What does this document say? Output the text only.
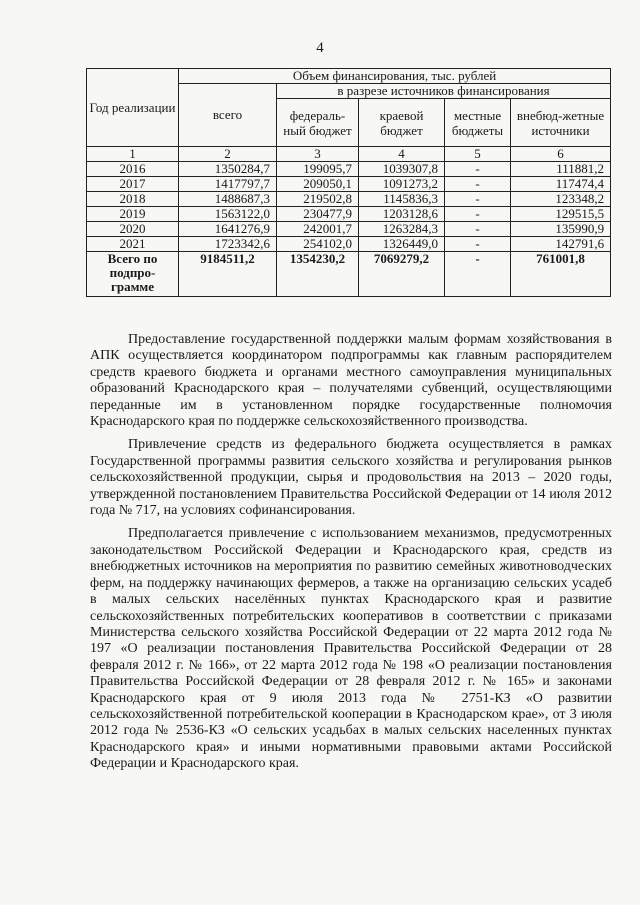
4
Год реализации	Объем финансирования, тыс. рублей				
	всего	в разрезе источников финансирования			
		федераль-ный бюджет	краевой бюджет	местные бюджеты	внебюд-жетные источники
1	2	3	4	5	6
2016	1350284,7	199095,7	1039307,8	-	111881,2
2017	1417797,7	209050,1	1091273,2	-	117474,4
2018	1488687,3	219502,8	1145836,3	-	123348,2
2019	1563122,0	230477,9	1203128,6	-	129515,5
2020	1641276,9	242001,7	1263284,3	-	135990,9
2021	1723342,6	254102,0	1326449,0	-	142791,6
Всего по подпро-грамме	9184511,2	1354230,2	7069279,2	-	761001,8

Предоставление государственной поддержки малым формам хозяйствования в АПК осуществляется координатором подпрограммы как главным распорядителем средств краевого бюджета и органами местного самоуправления муниципальных образований Краснодарского края – получателями субвенций, осуществляющими переданные им в установленном порядке государственные полномочия Краснодарского края по поддержке сельскохозяйственного производства.

Привлечение средств из федерального бюджета осуществляется в рамках Государственной программы развития сельского хозяйства и регулирования рынков сельскохозяйственной продукции, сырья и продовольствия на 2013 – 2020 годы, утвержденной постановлением Правительства Российской Федерации от 14 июля 2012 года № 717, на условиях софинансирования.

Предполагается привлечение с использованием механизмов, предусмотренных законодательством Российской Федерации и Краснодарского края, средств из внебюджетных источников на мероприятия по развитию семейных животноводческих ферм, на поддержку начинающих фермеров, а также на организацию сельских усадеб в малых сельских населённых пунктах Краснодарского края и развитие сельскохозяйственных потребительских кооперативов в соответствии с приказами Министерства сельского хозяйства Российской Федерации от 22 марта 2012 года № 197 «О реализации постановления Правительства Российской Федерации от 28 февраля 2012 г. № 166», от 22 марта 2012 года № 198 «О реализации постановления Правительства Российской Федерации от 28 февраля 2012 г. № 165» и законами Краснодарского края от 9 июля 2013 года № 2751-КЗ «О развитии сельскохозяйственной потребительской кооперации в Краснодарском крае», от 3 июля 2012 года № 2536-КЗ «О сельских усадьбах в малых сельских населенных пунктах Краснодарского края» и иными нормативными правовыми актами Российской Федерации и Краснодарского края.
